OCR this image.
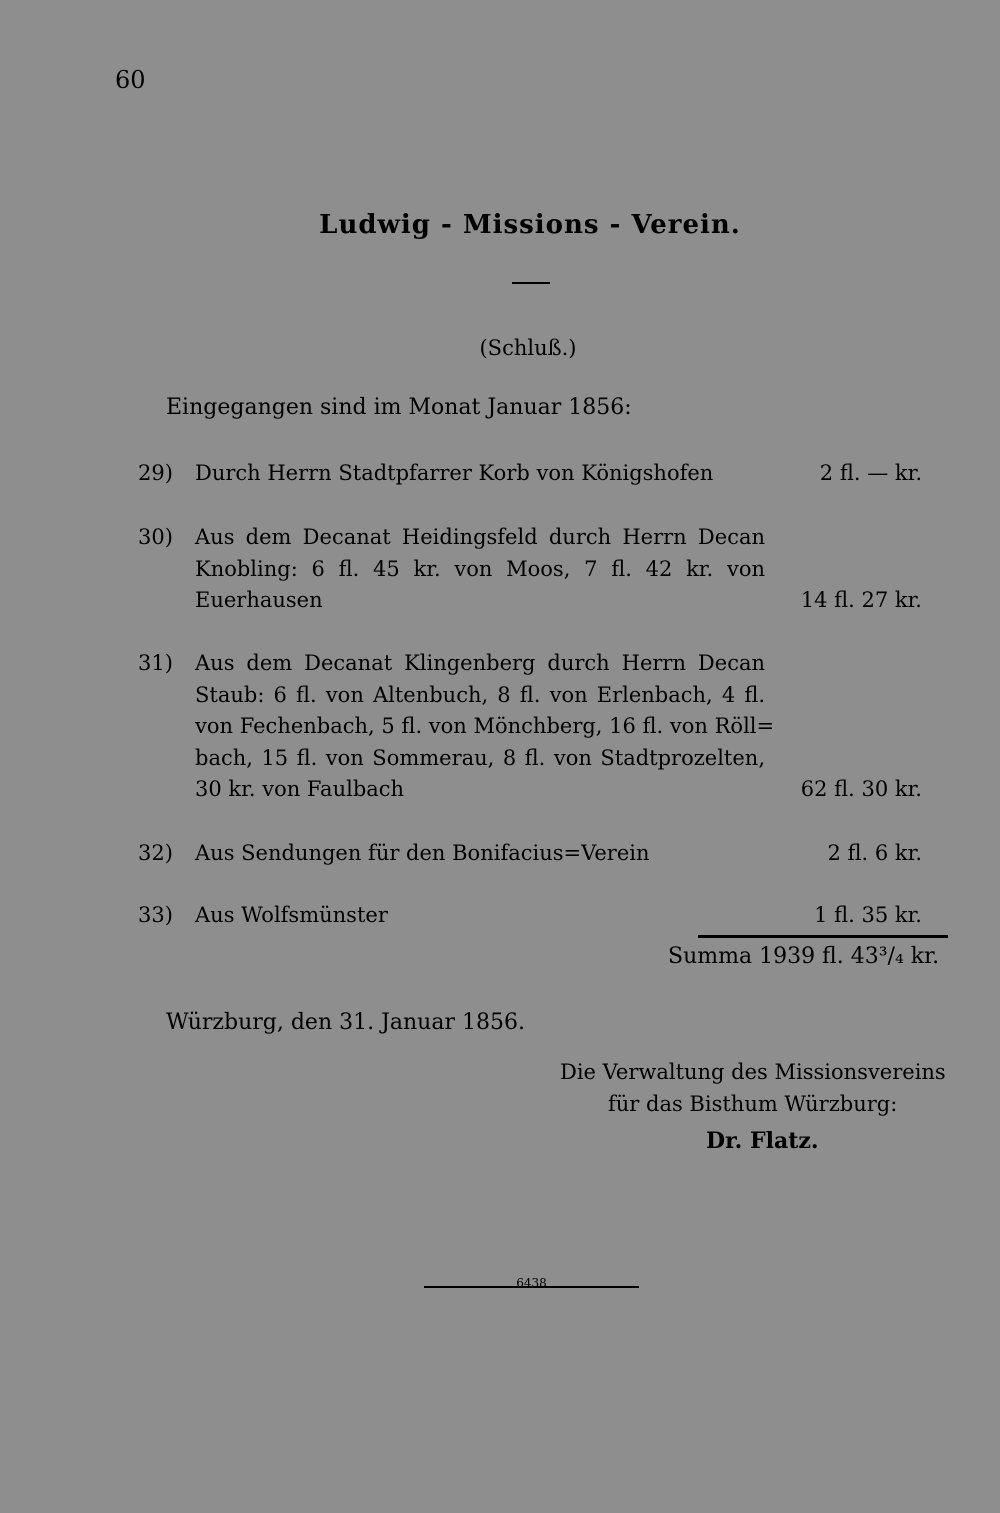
60
Ludwig - Missions - Verein.
(Schluß.)
Eingegangen sind im Monat Januar 1856:
29) Durch Herrn Stadtpfarrer Korb von Königshofen	2 fl. — kr.
30) Aus dem Decanat Heidingsfeld durch Herrn Decan
Knobling: 6 fl. 45 kr. von Moos, 7 fl. 42 kr. von
Euerhausen	14 fl. 27 kr.
31) Aus dem Decanat Klingenberg durch Herrn Decan
Staub: 6 fl. von Altenbuch, 8 fl. von Erlenbach, 4 fl.
von Fechenbach, 5 fl. von Mönchberg, 16 fl. von Röll=
bach, 15 fl. von Sommerau, 8 fl. von Stadtprozelten,
30 kr. von Faulbach	62 fl. 30 kr.
32) Aus Sendungen für den Bonifacius=Verein	2 fl. 6 kr.
33) Aus Wolfsmünster	1 fl. 35 kr.
Summa 1939 fl. 43³/₄ kr.
Würzburg, den 31. Januar 1856.
Die Verwaltung des Missionsvereins
für das Bisthum Würzburg:
Dr. Flatz.
6438
